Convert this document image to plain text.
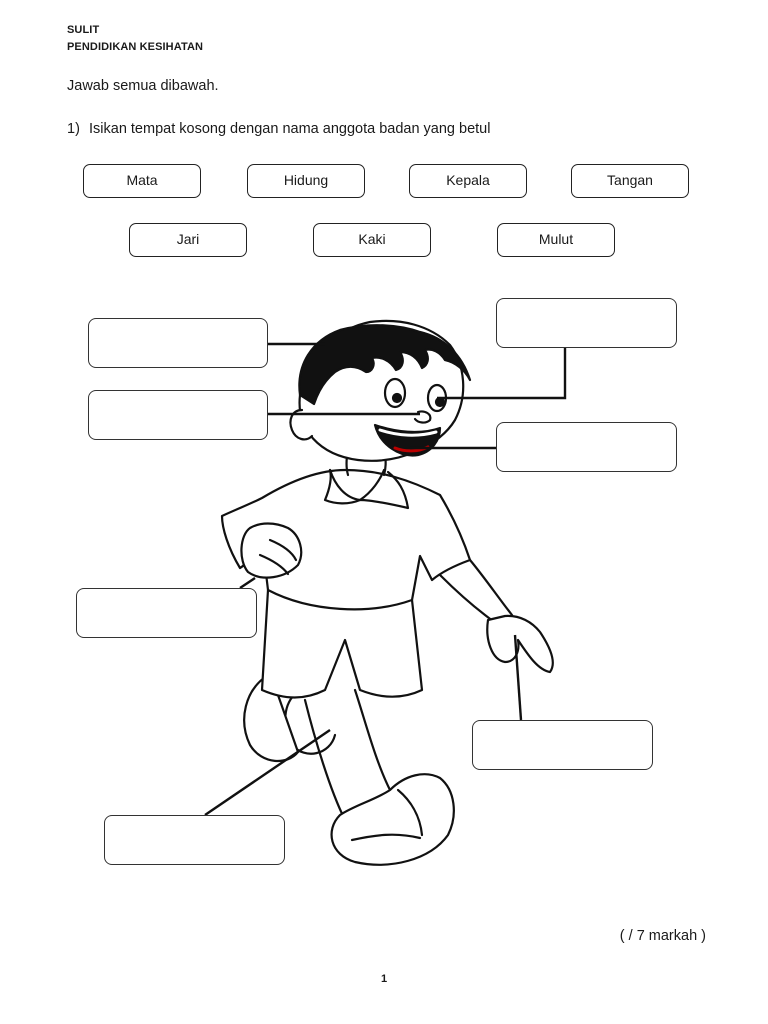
SULIT
PENDIDIKAN KESIHATAN
Jawab semua dibawah.
1) Isikan tempat kosong dengan nama anggota badan yang betul
Mata	Hidung	Kepala	Tangan
Jari	Kaki	Mulut
( / 7 markah )
1
